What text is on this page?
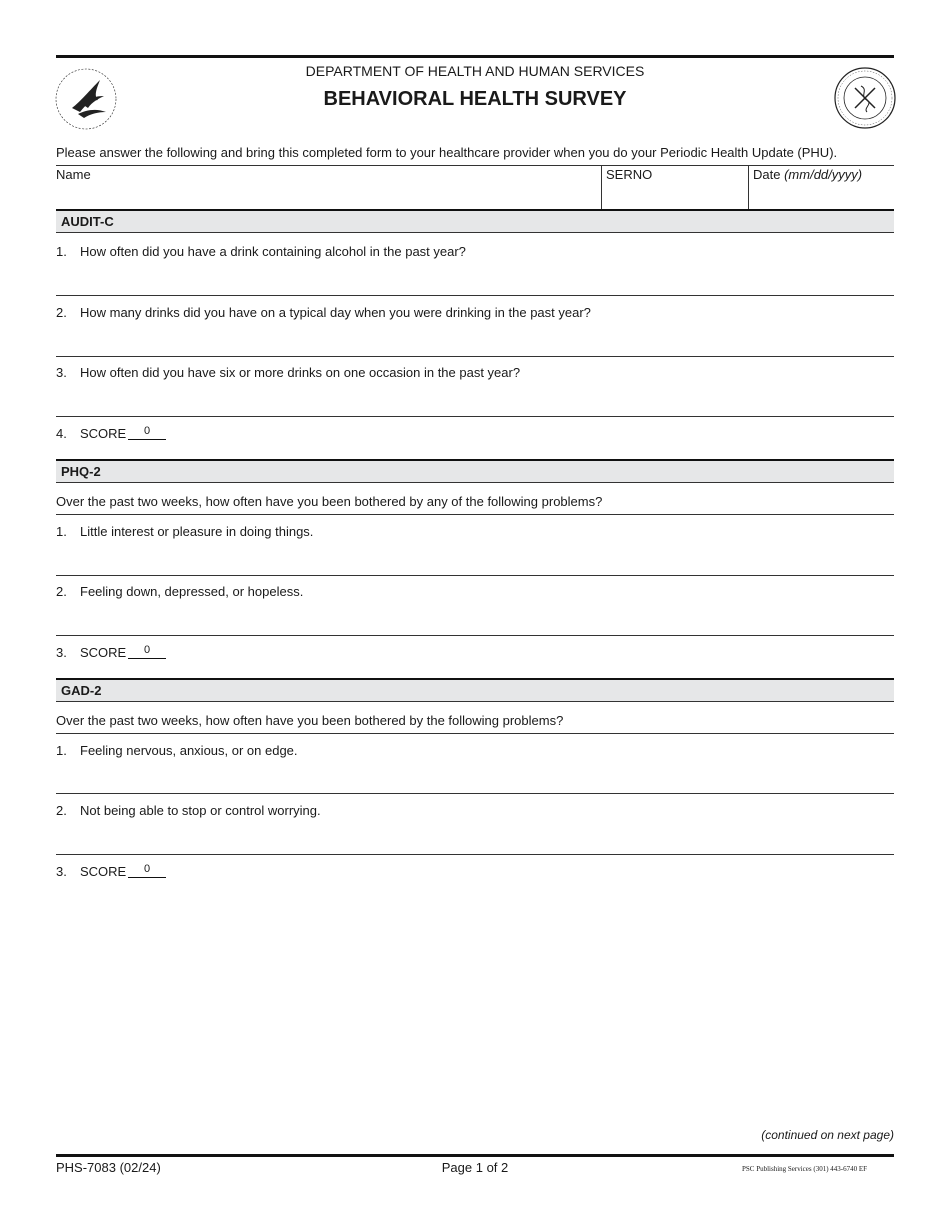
DEPARTMENT OF HEALTH AND HUMAN SERVICES
BEHAVIORAL HEALTH SURVEY
Please answer the following and bring this completed form to your healthcare provider when you do your Periodic Health Update (PHU).
Name	SERNO	Date (mm/dd/yyyy)
AUDIT-C
1. How often did you have a drink containing alcohol in the past year?
2. How many drinks did you have on a typical day when you were drinking in the past year?
3. How often did you have six or more drinks on one occasion in the past year?
4. SCORE	0
PHQ-2
Over the past two weeks, how often have you been bothered by any of the following problems?
1. Little interest or pleasure in doing things.
2. Feeling down, depressed, or hopeless.
3. SCORE	0
GAD-2
Over the past two weeks, how often have you been bothered by the following problems?
1. Feeling nervous, anxious, or on edge.
2. Not being able to stop or control worrying.
3. SCORE	0
(continued on next page)
PHS-7083 (02/24)	Page 1 of 2	PSC Publishing Services (301) 443-6740 EF
